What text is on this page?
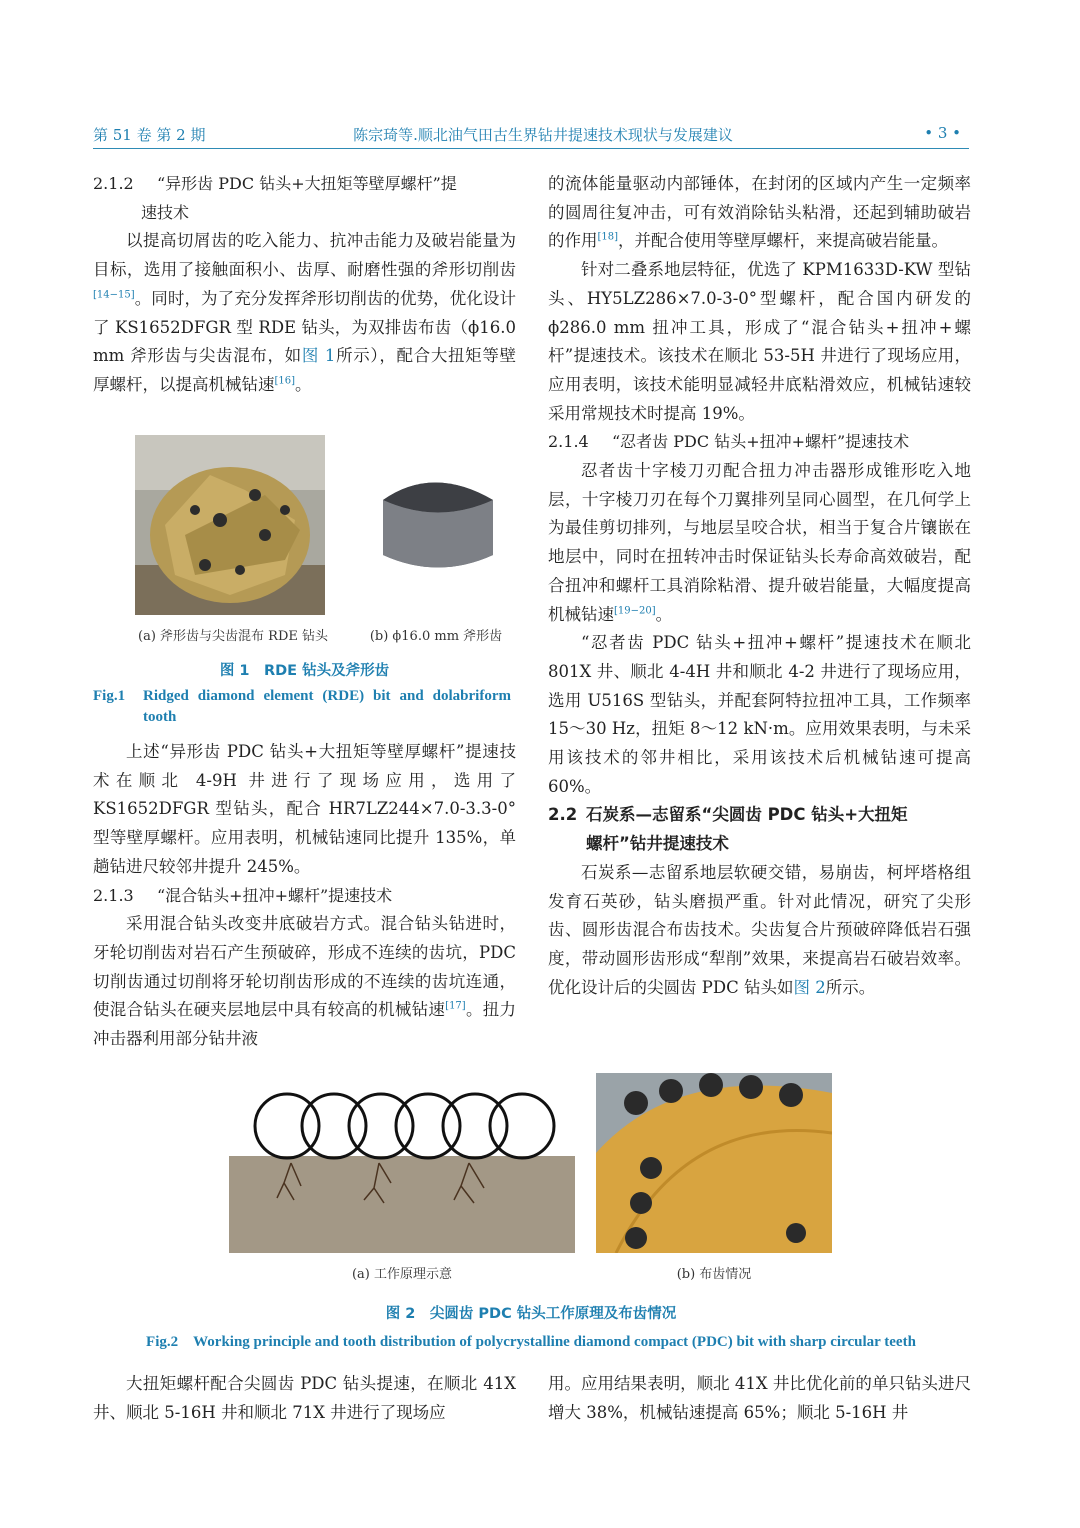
第 51 卷 第 2 期	陈宗琦等.顺北油气田古生界钻井提速技术现状与发展建议	• 3 •
2.1.2 “异形齿 PDC 钻头+大扭矩等壁厚螺杆”提
速技术

以提高切屑齿的吃入能力、抗冲击能力及破岩能量为目标，选用了接触面积小、齿厚、耐磨性强的斧形切削齿[14−15]。同时，为了充分发挥斧形切削齿的优势，优化设计了 KS1652DFGR 型 RDE 钻头，为双排齿布齿（ϕ16.0 mm 斧形齿与尖齿混布，如图 1所示），配合大扭矩等壁厚螺杆，以提高机械钻速[16]。

(a) 斧形齿与尖齿混布 RDE 钻头	(b) ϕ16.0 mm 斧形齿
图 1　RDE 钻头及斧形齿
Fig.1 Ridged diamond element (RDE) bit and dolabriform tooth

上述“异形齿 PDC 钻头+大扭矩等壁厚螺杆”提速技术在顺北 4-9H 井进行了现场应用，选用了 KS1652DFGR 型钻头，配合 HR7LZ244×7.0-3.3-0°型等壁厚螺杆。应用表明，机械钻速同比提升 135%，单趟钻进尺较邻井提升 245%。

2.1.3 “混合钻头+扭冲+螺杆”提速技术

采用混合钻头改变井底破岩方式。混合钻头钻进时，牙轮切削齿对岩石产生预破碎，形成不连续的齿坑，PDC 切削齿通过切削将牙轮切削齿形成的不连续的齿坑连通，使混合钻头在硬夹层地层中具有较高的机械钻速[17]。扭力冲击器利用部分钻井液

的流体能量驱动内部锤体，在封闭的区域内产生一定频率的圆周往复冲击，可有效消除钻头粘滑，还起到辅助破岩的作用[18]，并配合使用等壁厚螺杆，来提高破岩能量。

针对二叠系地层特征，优选了 KPM1633D-KW 型钻头、HY5LZ286×7.0-3-0°型螺杆，配合国内研发的 ϕ286.0 mm 扭冲工具，形成了“混合钻头+扭冲+螺杆”提速技术。该技术在顺北 53-5H 井进行了现场应用，应用表明，该技术能明显减轻井底粘滑效应，机械钻速较采用常规技术时提高 19%。

2.1.4 “忍者齿 PDC 钻头+扭冲+螺杆”提速技术

忍者齿十字棱刀刃配合扭力冲击器形成锥形吃入地层，十字棱刀刃在每个刀翼排列呈同心圆型，在几何学上为最佳剪切排列，与地层呈咬合状，相当于复合片镶嵌在地层中，同时在扭转冲击时保证钻头长寿命高效破岩，配合扭冲和螺杆工具消除粘滑、提升破岩能量，大幅度提高机械钻速[19−20]。

“忍者齿 PDC 钻头+扭冲+螺杆”提速技术在顺北 801X 井、顺北 4-4H 井和顺北 4-2 井进行了现场应用，选用 U516S 型钻头，并配套阿特拉扭冲工具，工作频率 15～30 Hz，扭矩 8～12 kN·m。应用效果表明，与未采用该技术的邻井相比，采用该技术后机械钻速可提高 60%。

2.2 石炭系—志留系“尖圆齿 PDC 钻头+大扭矩
螺杆”钻井提速技术

石炭系—志留系地层软硬交错，易崩齿，柯坪塔格组发育石英砂，钻头磨损严重。针对此情况，研究了尖形齿、圆形齿混合布齿技术。尖齿复合片预破碎降低岩石强度，带动圆形齿形成“犁削”效果，来提高岩石破岩效率。优化设计后的尖圆齿 PDC 钻头如图 2所示。

(a) 工作原理示意	(b) 布齿情况
图 2　尖圆齿 PDC 钻头工作原理及布齿情况
Fig.2　Working principle and tooth distribution of polycrystalline diamond compact (PDC) bit with sharp circular teeth

大扭矩螺杆配合尖圆齿 PDC 钻头提速，在顺北 41X 井、顺北 5-16H 井和顺北 71X 井进行了现场应

用。应用结果表明，顺北 41X 井比优化前的单只钻头进尺增大 38%，机械钻速提高 65%；顺北 5-16H 井
